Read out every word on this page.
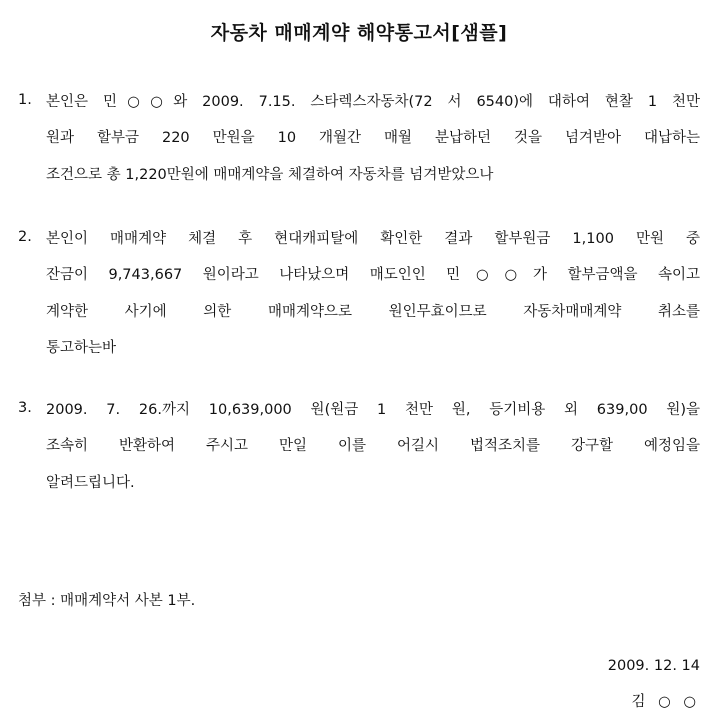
자동차 매매계약 해약통고서[샘플]
1. 본인은 민○○와 2009. 7.15. 스타렉스자동차(72 서 6540)에 대하여 현찰 1 천만
원과 할부금 220 만원을 10 개월간 매월 분납하던 것을 넘겨받아 대납하는
조건으로 총 1,220만원에 매매계약을 체결하여 자동차를 넘겨받았으나
2. 본인이 매매계약 체결 후 현대캐피탈에 확인한 결과 할부원금 1,100 만원 중
잔금이 9,743,667 원이라고 나타났으며 매도인인 민○○가 할부금액을 속이고
계약한 사기에 의한 매매계약으로 원인무효이므로 자동차매매계약 취소를
통고하는바
3. 2009. 7. 26.까지 10,639,000 원(원금 1 천만 원, 등기비용 외 639,00 원)을
조속히 반환하여 주시고 만일 이를 어길시 법적조치를 강구할 예정임을
알려드립니다.
첨부 : 매매계약서 사본 1부.
2009. 12. 14
김 ○ ○
